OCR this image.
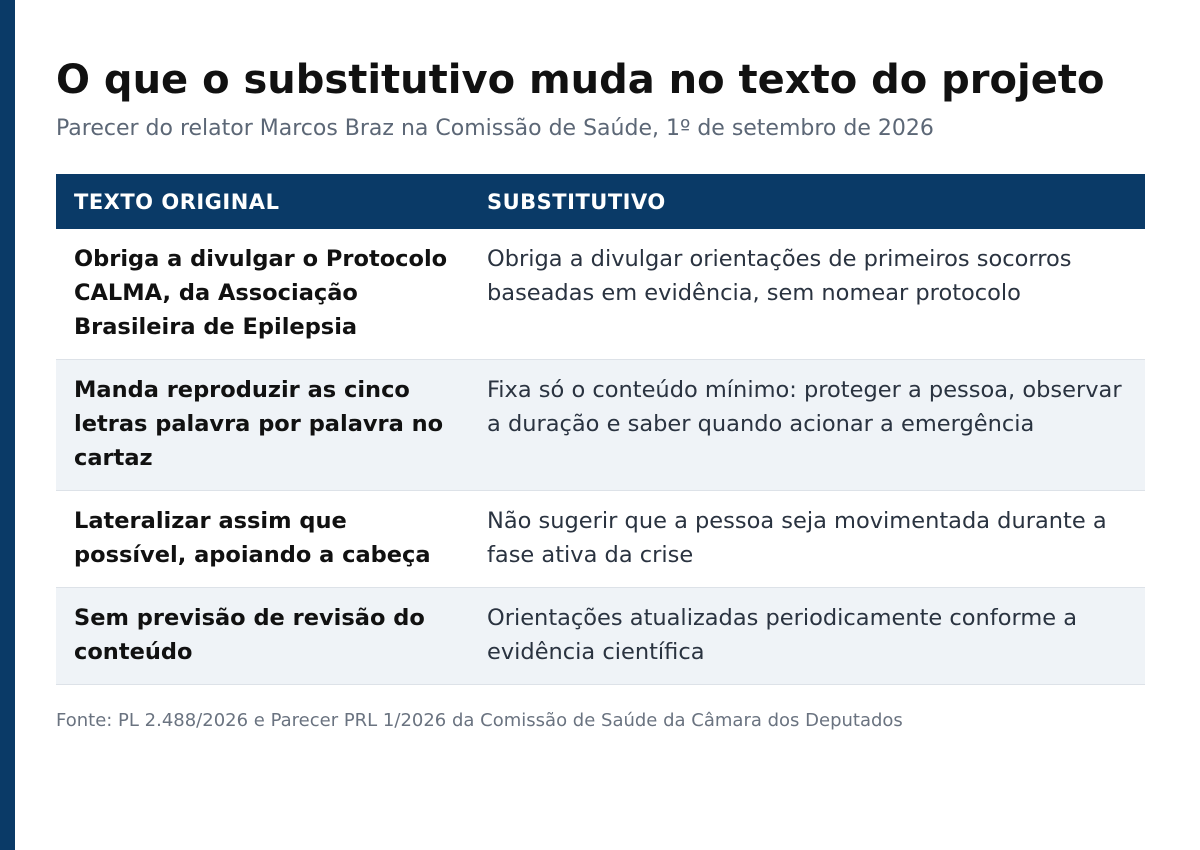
O que o substitutivo muda no texto do projeto

Parecer do relator Marcos Braz na Comissão de Saúde, 1º de setembro de 2026

TEXTO ORIGINAL	SUBSTITUTIVO
Obriga a divulgar o Protocolo CALMA, da Associação Brasileira de Epilepsia	Obriga a divulgar orientações de primeiros socorros baseadas em evidência, sem nomear protocolo
Manda reproduzir as cinco letras palavra por palavra no cartaz	Fixa só o conteúdo mínimo: proteger a pessoa, observar a duração e saber quando acionar a emergência
Lateralizar assim que possível, apoiando a cabeça	Não sugerir que a pessoa seja movimentada durante a fase ativa da crise
Sem previsão de revisão do conteúdo	Orientações atualizadas periodicamente conforme a evidência científica
Fonte: PL 2.488/2026 e Parecer PRL 1/2026 da Comissão de Saúde da Câmara dos Deputados
